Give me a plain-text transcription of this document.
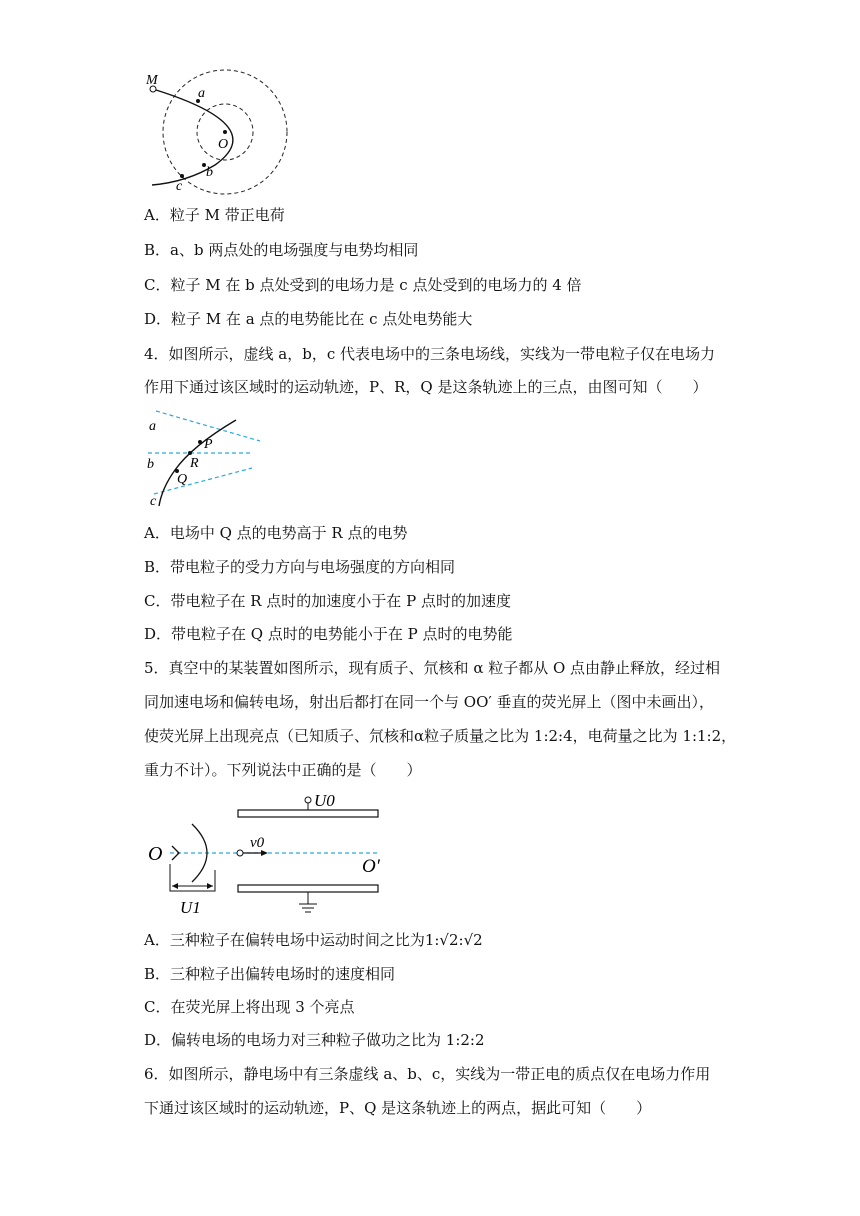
M
a
O
b
c
A．粒子 M 带正电荷
B．a、b 两点处的电场强度与电势均相同
C．粒子 M 在 b 点处受到的电场力是 c 点处受到的电场力的 4 倍
D．粒子 M 在 a 点的电势能比在 c 点处电势能大
4．如图所示，虚线 a，b，c 代表电场中的三条电场线，实线为一带电粒子仅在电场力
作用下通过该区域时的运动轨迹，P、R，Q 是这条轨迹上的三点，由图可知（　　）
a
b
c
P
R
Q
A．电场中 Q 点的电势高于 R 点的电势
B．带电粒子的受力方向与电场强度的方向相同
C．带电粒子在 R 点时的加速度小于在 P 点时的加速度
D．带电粒子在 Q 点时的电势能小于在 P 点时的电势能
5．真空中的某装置如图所示，现有质子、氘核和 α 粒子都从 O 点由静止释放，经过相
同加速电场和偏转电场，射出后都打在同一个与 OO′ 垂直的荧光屏上（图中未画出），
使荧光屏上出现亮点（已知质子、氘核和α粒子质量之比为 1:2:4，电荷量之比为 1:1:2，
重力不计）。下列说法中正确的是（　　）
U0
v0
O
O′
U1
A．三种粒子在偏转电场中运动时间之比为1:√2:√2
B．三种粒子出偏转电场时的速度相同
C．在荧光屏上将出现 3 个亮点
D．偏转电场的电场力对三种粒子做功之比为 1:2:2
6．如图所示，静电场中有三条虚线 a、b、c，实线为一带正电的质点仅在电场力作用
下通过该区域时的运动轨迹，P、Q 是这条轨迹上的两点，据此可知（　　）
